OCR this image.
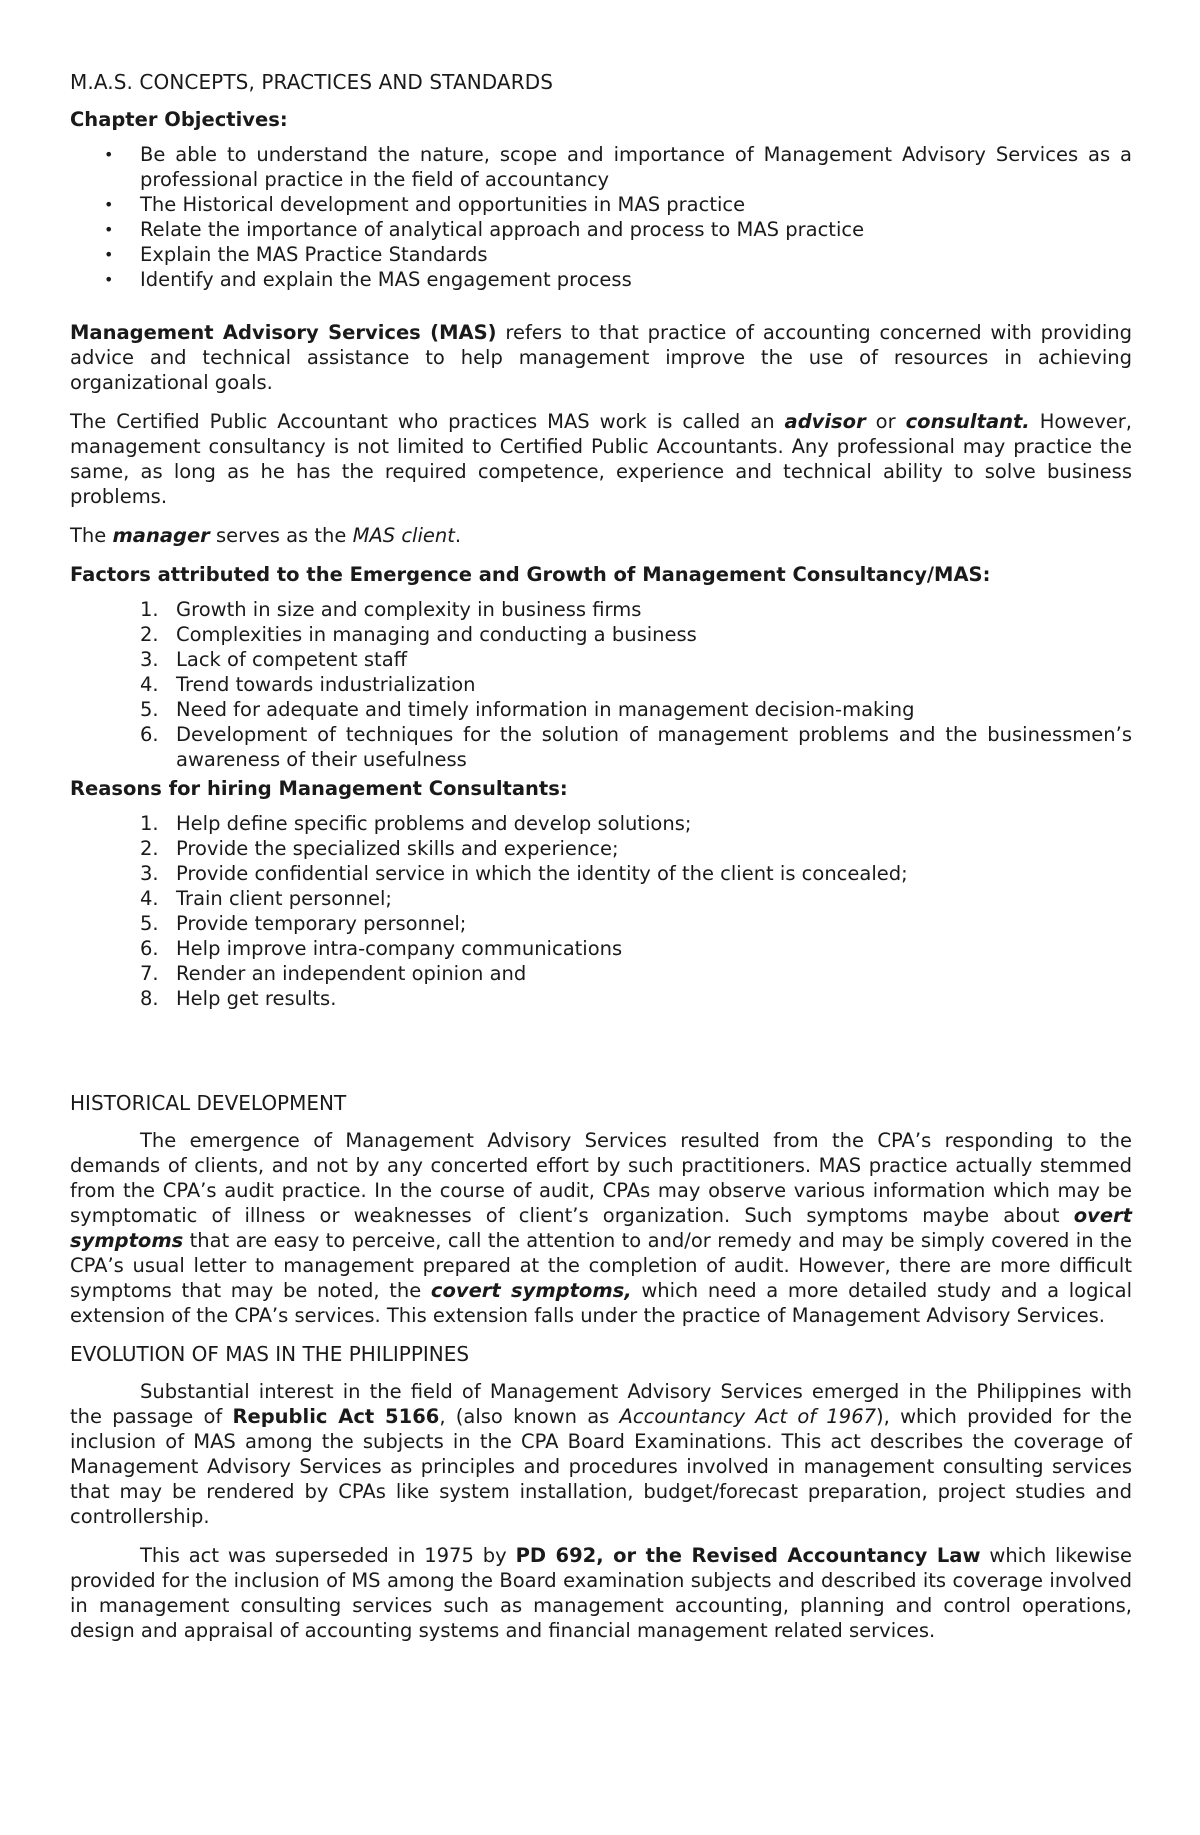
M.A.S. CONCEPTS, PRACTICES AND STANDARDS
Chapter Objectives:
• Be able to understand the nature, scope and importance of Management Advisory Services as a professional practice in the field of accountancy
• The Historical development and opportunities in MAS practice
• Relate the importance of analytical approach and process to MAS practice
• Explain the MAS Practice Standards
• Identify and explain the MAS engagement process

Management Advisory Services (MAS) refers to that practice of accounting concerned with providing advice and technical assistance to help management improve the use of resources in achieving organizational goals.

The Certified Public Accountant who practices MAS work is called an advisor or consultant. However, management consultancy is not limited to Certified Public Accountants. Any professional may practice the same, as long as he has the required competence, experience and technical ability to solve business problems.

The manager serves as the MAS client.

Factors attributed to the Emergence and Growth of Management Consultancy/MAS:
1. Growth in size and complexity in business firms
2. Complexities in managing and conducting a business
3. Lack of competent staff
4. Trend towards industrialization
5. Need for adequate and timely information in management decision-making
6. Development of techniques for the solution of management problems and the businessmen’s awareness of their usefulness
Reasons for hiring Management Consultants:
1. Help define specific problems and develop solutions;
2. Provide the specialized skills and experience;
3. Provide confidential service in which the identity of the client is concealed;
4. Train client personnel;
5. Provide temporary personnel;
6. Help improve intra-company communications
7. Render an independent opinion and
8. Help get results.
HISTORICAL DEVELOPMENT

The emergence of Management Advisory Services resulted from the CPA’s responding to the demands of clients, and not by any concerted effort by such practitioners. MAS practice actually stemmed from the CPA’s audit practice. In the course of audit, CPAs may observe various information which may be symptomatic of illness or weaknesses of client’s organization. Such symptoms maybe about overt symptoms that are easy to perceive, call the attention to and/or remedy and may be simply covered in the CPA’s usual letter to management prepared at the completion of audit. However, there are more difficult symptoms that may be noted, the covert symptoms, which need a more detailed study and a logical extension of the CPA’s services. This extension falls under the practice of Management Advisory Services.

EVOLUTION OF MAS IN THE PHILIPPINES

Substantial interest in the field of Management Advisory Services emerged in the Philippines with the passage of Republic Act 5166, (also known as Accountancy Act of 1967), which provided for the inclusion of MAS among the subjects in the CPA Board Examinations. This act describes the coverage of Management Advisory Services as principles and procedures involved in management consulting services that may be rendered by CPAs like system installation, budget/forecast preparation, project studies and controllership.

This act was superseded in 1975 by PD 692, or the Revised Accountancy Law which likewise provided for the inclusion of MS among the Board examination subjects and described its coverage involved in management consulting services such as management accounting, planning and control operations, design and appraisal of accounting systems and financial management related services.
